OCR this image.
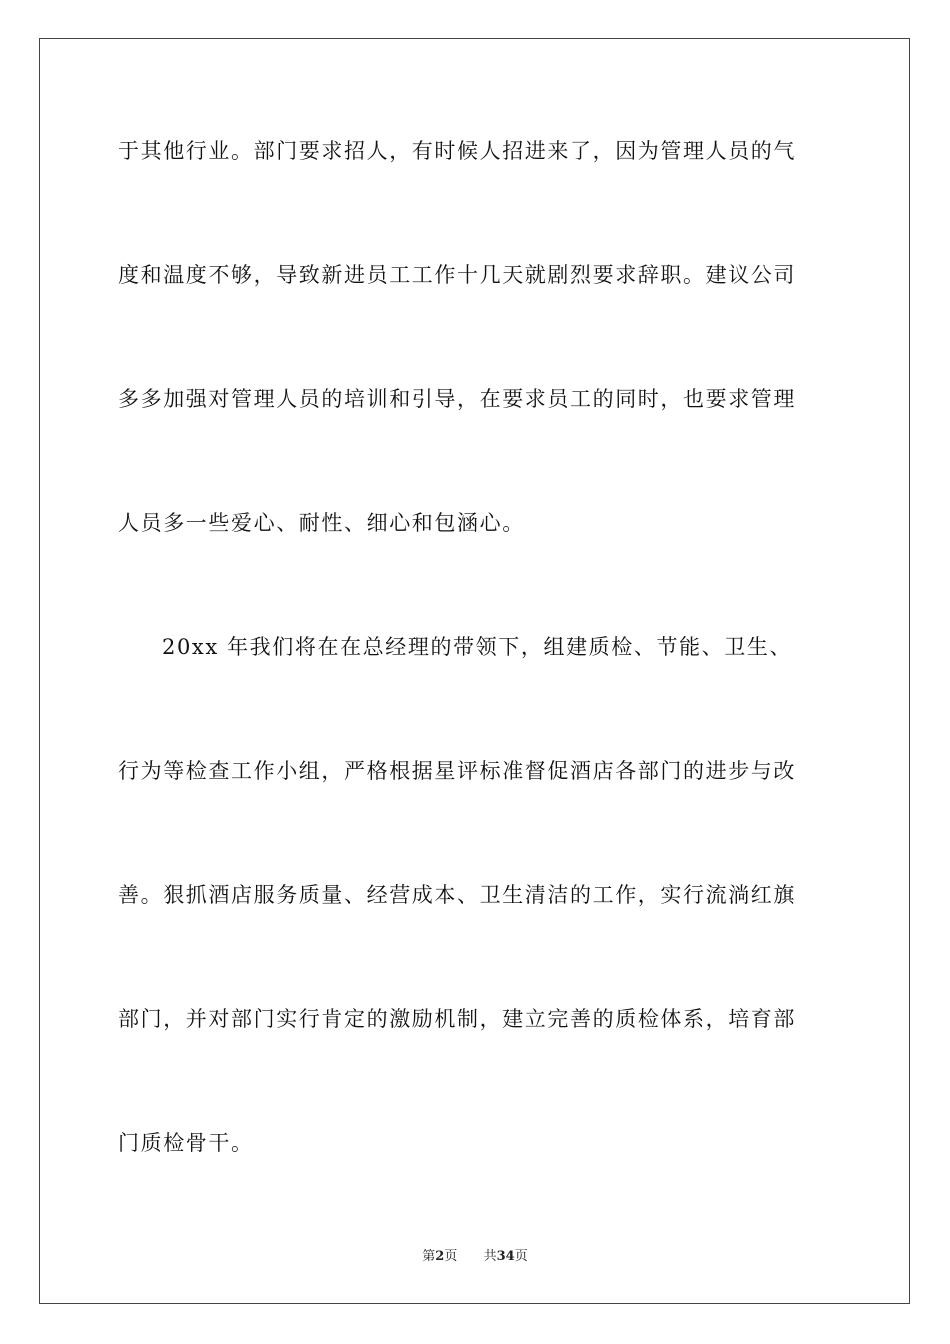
于其他行业。部门要求招人，有时候人招进来了，因为管理人员的气
度和温度不够，导致新进员工工作十几天就剧烈要求辞职。建议公司
多多加强对管理人员的培训和引导，在要求员工的同时，也要求管理
人员多一些爱心、耐性、细心和包涵心。
20xx 年我们将在在总经理的带领下，组建质检、节能、卫生、
行为等检查工作小组，严格根据星评标准督促酒店各部门的进步与改
善。狠抓酒店服务质量、经营成本、卫生清洁的工作，实行流淌红旗
部门，并对部门实行肯定的激励机制，建立完善的质检体系，培育部
门质检骨干。
第2页 共34页
